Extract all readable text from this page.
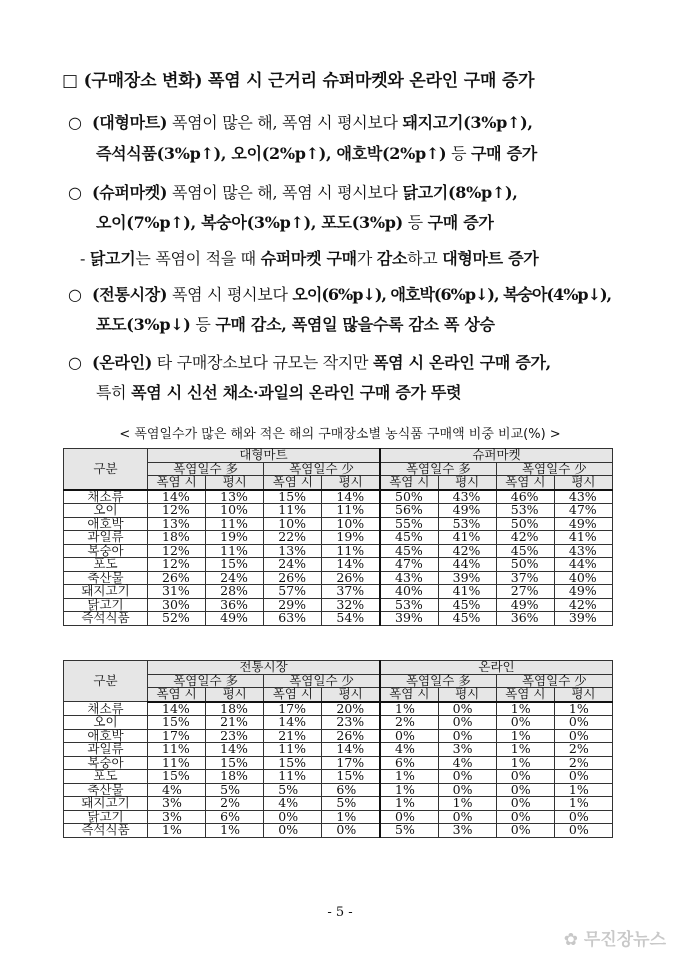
□ (구매장소 변화) 폭염 시 근거리 슈퍼마켓와 온라인 구매 증가
○ (대형마트) 폭염이 많은 해, 폭염 시 평시보다 돼지고기(3%p↑),
즉석식품(3%p↑), 오이(2%p↑), 애호박(2%p↑) 등 구매 증가
○ (슈퍼마켓) 폭염이 많은 해, 폭염 시 평시보다 닭고기(8%p↑),
오이(7%p↑), 복숭아(3%p↑), 포도(3%p) 등 구매 증가
- 닭고기는 폭염이 적을 때 슈퍼마켓 구매가 감소하고 대형마트 증가
○ (전통시장) 폭염 시 평시보다 오이(6%p↓), 애호박(6%p↓), 복숭아(4%p↓),
포도(3%p↓) 등 구매 감소, 폭염일 많을수록 감소 폭 상승
○ (온라인) 타 구매장소보다 규모는 작지만 폭염 시 온라인 구매 증가,
특히 폭염 시 신선 채소·과일의 온라인 구매 증가 뚜렷
< 폭염일수가 많은 해와 적은 해의 구매장소별 농식품 구매액 비중 비교(%) >
구분	대형마트				슈퍼마켓			
	폭염일수 多		폭염일수 少		폭염일수 多		폭염일수 少	
	폭염 시	평시	폭염 시	평시	폭염 시	평시	폭염 시	평시
채소류	14%	13%	15%	14%	50%	43%	46%	43%
오이	12%	10%	11%	11%	56%	49%	53%	47%
애호박	13%	11%	10%	10%	55%	53%	50%	49%
과일류	18%	19%	22%	19%	45%	41%	42%	41%
복숭아	12%	11%	13%	11%	45%	42%	45%	43%
포도	12%	15%	24%	14%	47%	44%	50%	44%
축산물	26%	24%	26%	26%	43%	39%	37%	40%
돼지고기	31%	28%	57%	37%	40%	41%	27%	49%
닭고기	30%	36%	29%	32%	53%	45%	49%	42%
즉석식품	52%	49%	63%	54%	39%	45%	36%	39%
구분	전통시장				온라인			
	폭염일수 多		폭염일수 少		폭염일수 多		폭염일수 少	
	폭염 시	평시	폭염 시	평시	폭염 시	평시	폭염 시	평시
채소류	14%	18%	17%	20%	1%	0%	1%	1%
오이	15%	21%	14%	23%	2%	0%	0%	0%
애호박	17%	23%	21%	26%	0%	0%	1%	0%
과일류	11%	14%	11%	14%	4%	3%	1%	2%
복숭아	11%	15%	15%	17%	6%	4%	1%	2%
포도	15%	18%	11%	15%	1%	0%	0%	0%
축산물	4%	5%	5%	6%	1%	0%	0%	1%
돼지고기	3%	2%	4%	5%	1%	1%	0%	1%
닭고기	3%	6%	0%	1%	0%	0%	0%	0%
즉석식품	1%	1%	0%	0%	5%	3%	0%	0%
- 5 -
✿ 무진장뉴스
